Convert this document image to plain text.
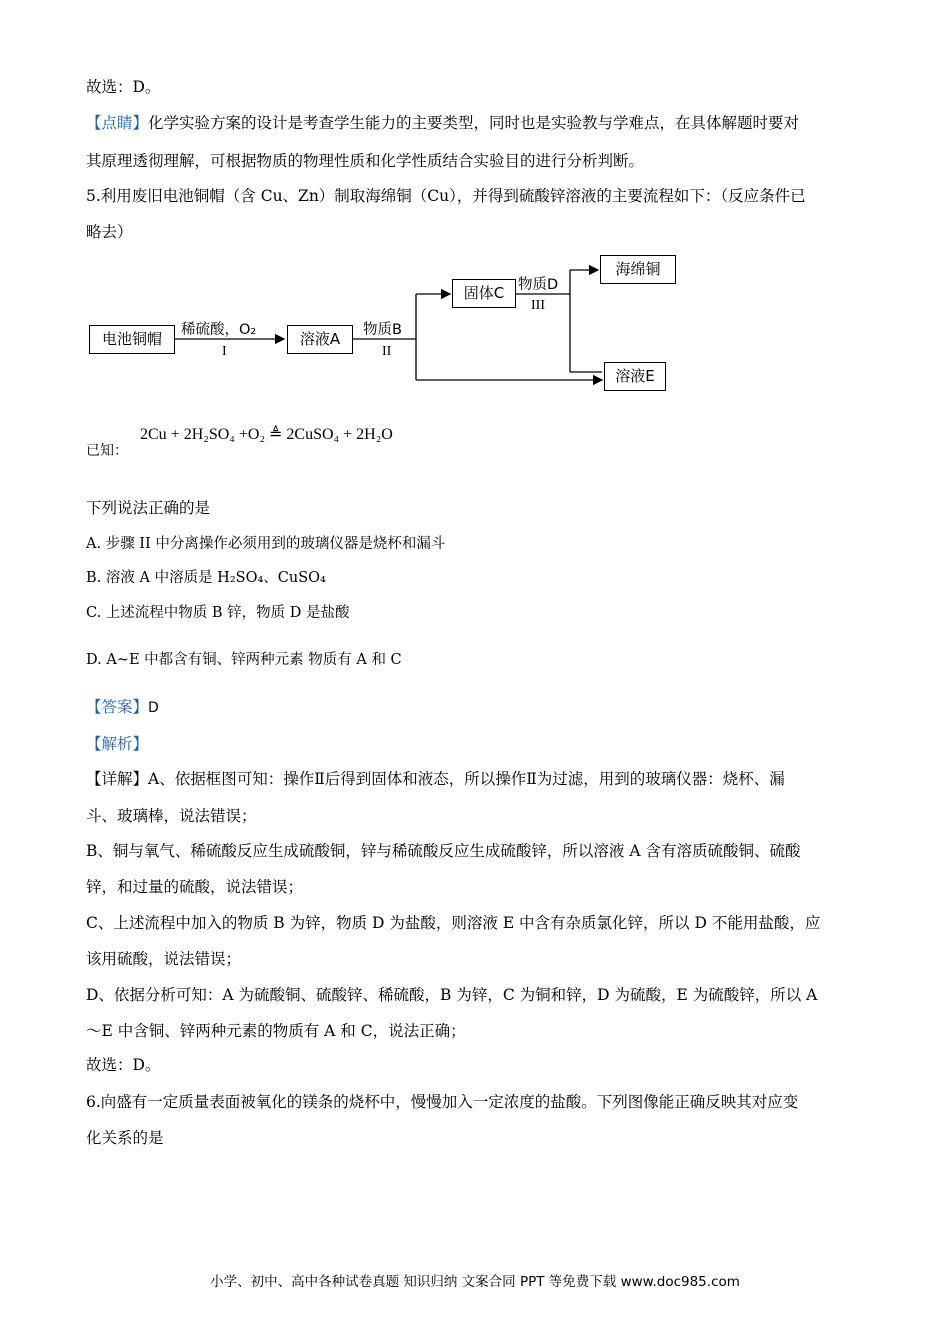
故选：D。
【点睛】化学实验方案的设计是考查学生能力的主要类型，同时也是实验教与学难点，在具体解题时要对
其原理透彻理解，可根据物质的物理性质和化学性质结合实验目的进行分析判断。
5.利用废旧电池铜帽（含 Cu、Zn）制取海绵铜（Cu），并得到硫酸锌溶液的主要流程如下：（反应条件已
略去）
电池铜帽	溶液A
固体C
海绵铜
溶液E
稀硫酸，O₂
I
物质B
II
物质D
III
已知：
2Cu + 2H₂SO₄ +O₂ ≜ 2CuSO₄ + 2H₂O
下列说法正确的是
A. 步骤 II 中分离操作必须用到的玻璃仪器是烧杯和漏斗
B. 溶液 A 中溶质是 H₂SO₄、CuSO₄
C. 上述流程中物质 B 锌，物质 D 是盐酸
D. A~E 中都含有铜、锌两种元素 物质有 A 和 C
【答案】D
【解析】
【详解】A、依据框图可知：操作Ⅱ后得到固体和液态，所以操作Ⅱ为过滤，用到的玻璃仪器：烧杯、漏
斗、玻璃棒，说法错误；
B、铜与氧气、稀硫酸反应生成硫酸铜，锌与稀硫酸反应生成硫酸锌，所以溶液 A 含有溶质硫酸铜、硫酸
锌，和过量的硫酸，说法错误；
C、上述流程中加入的物质 B 为锌，物质 D 为盐酸，则溶液 E 中含有杂质氯化锌，所以 D 不能用盐酸，应
该用硫酸，说法错误；
D、依据分析可知：A 为硫酸铜、硫酸锌、稀硫酸，B 为锌，C 为铜和锌，D 为硫酸，E 为硫酸锌，所以 A
～E 中含铜、锌两种元素的物质有 A 和 C，说法正确；
故选：D。
6.向盛有一定质量表面被氧化的镁条的烧杯中，慢慢加入一定浓度的盐酸。下列图像能正确反映其对应变
化关系的是
小学、初中、高中各种试卷真题 知识归纳 文案合同 PPT 等免费下载 www.doc985.com
